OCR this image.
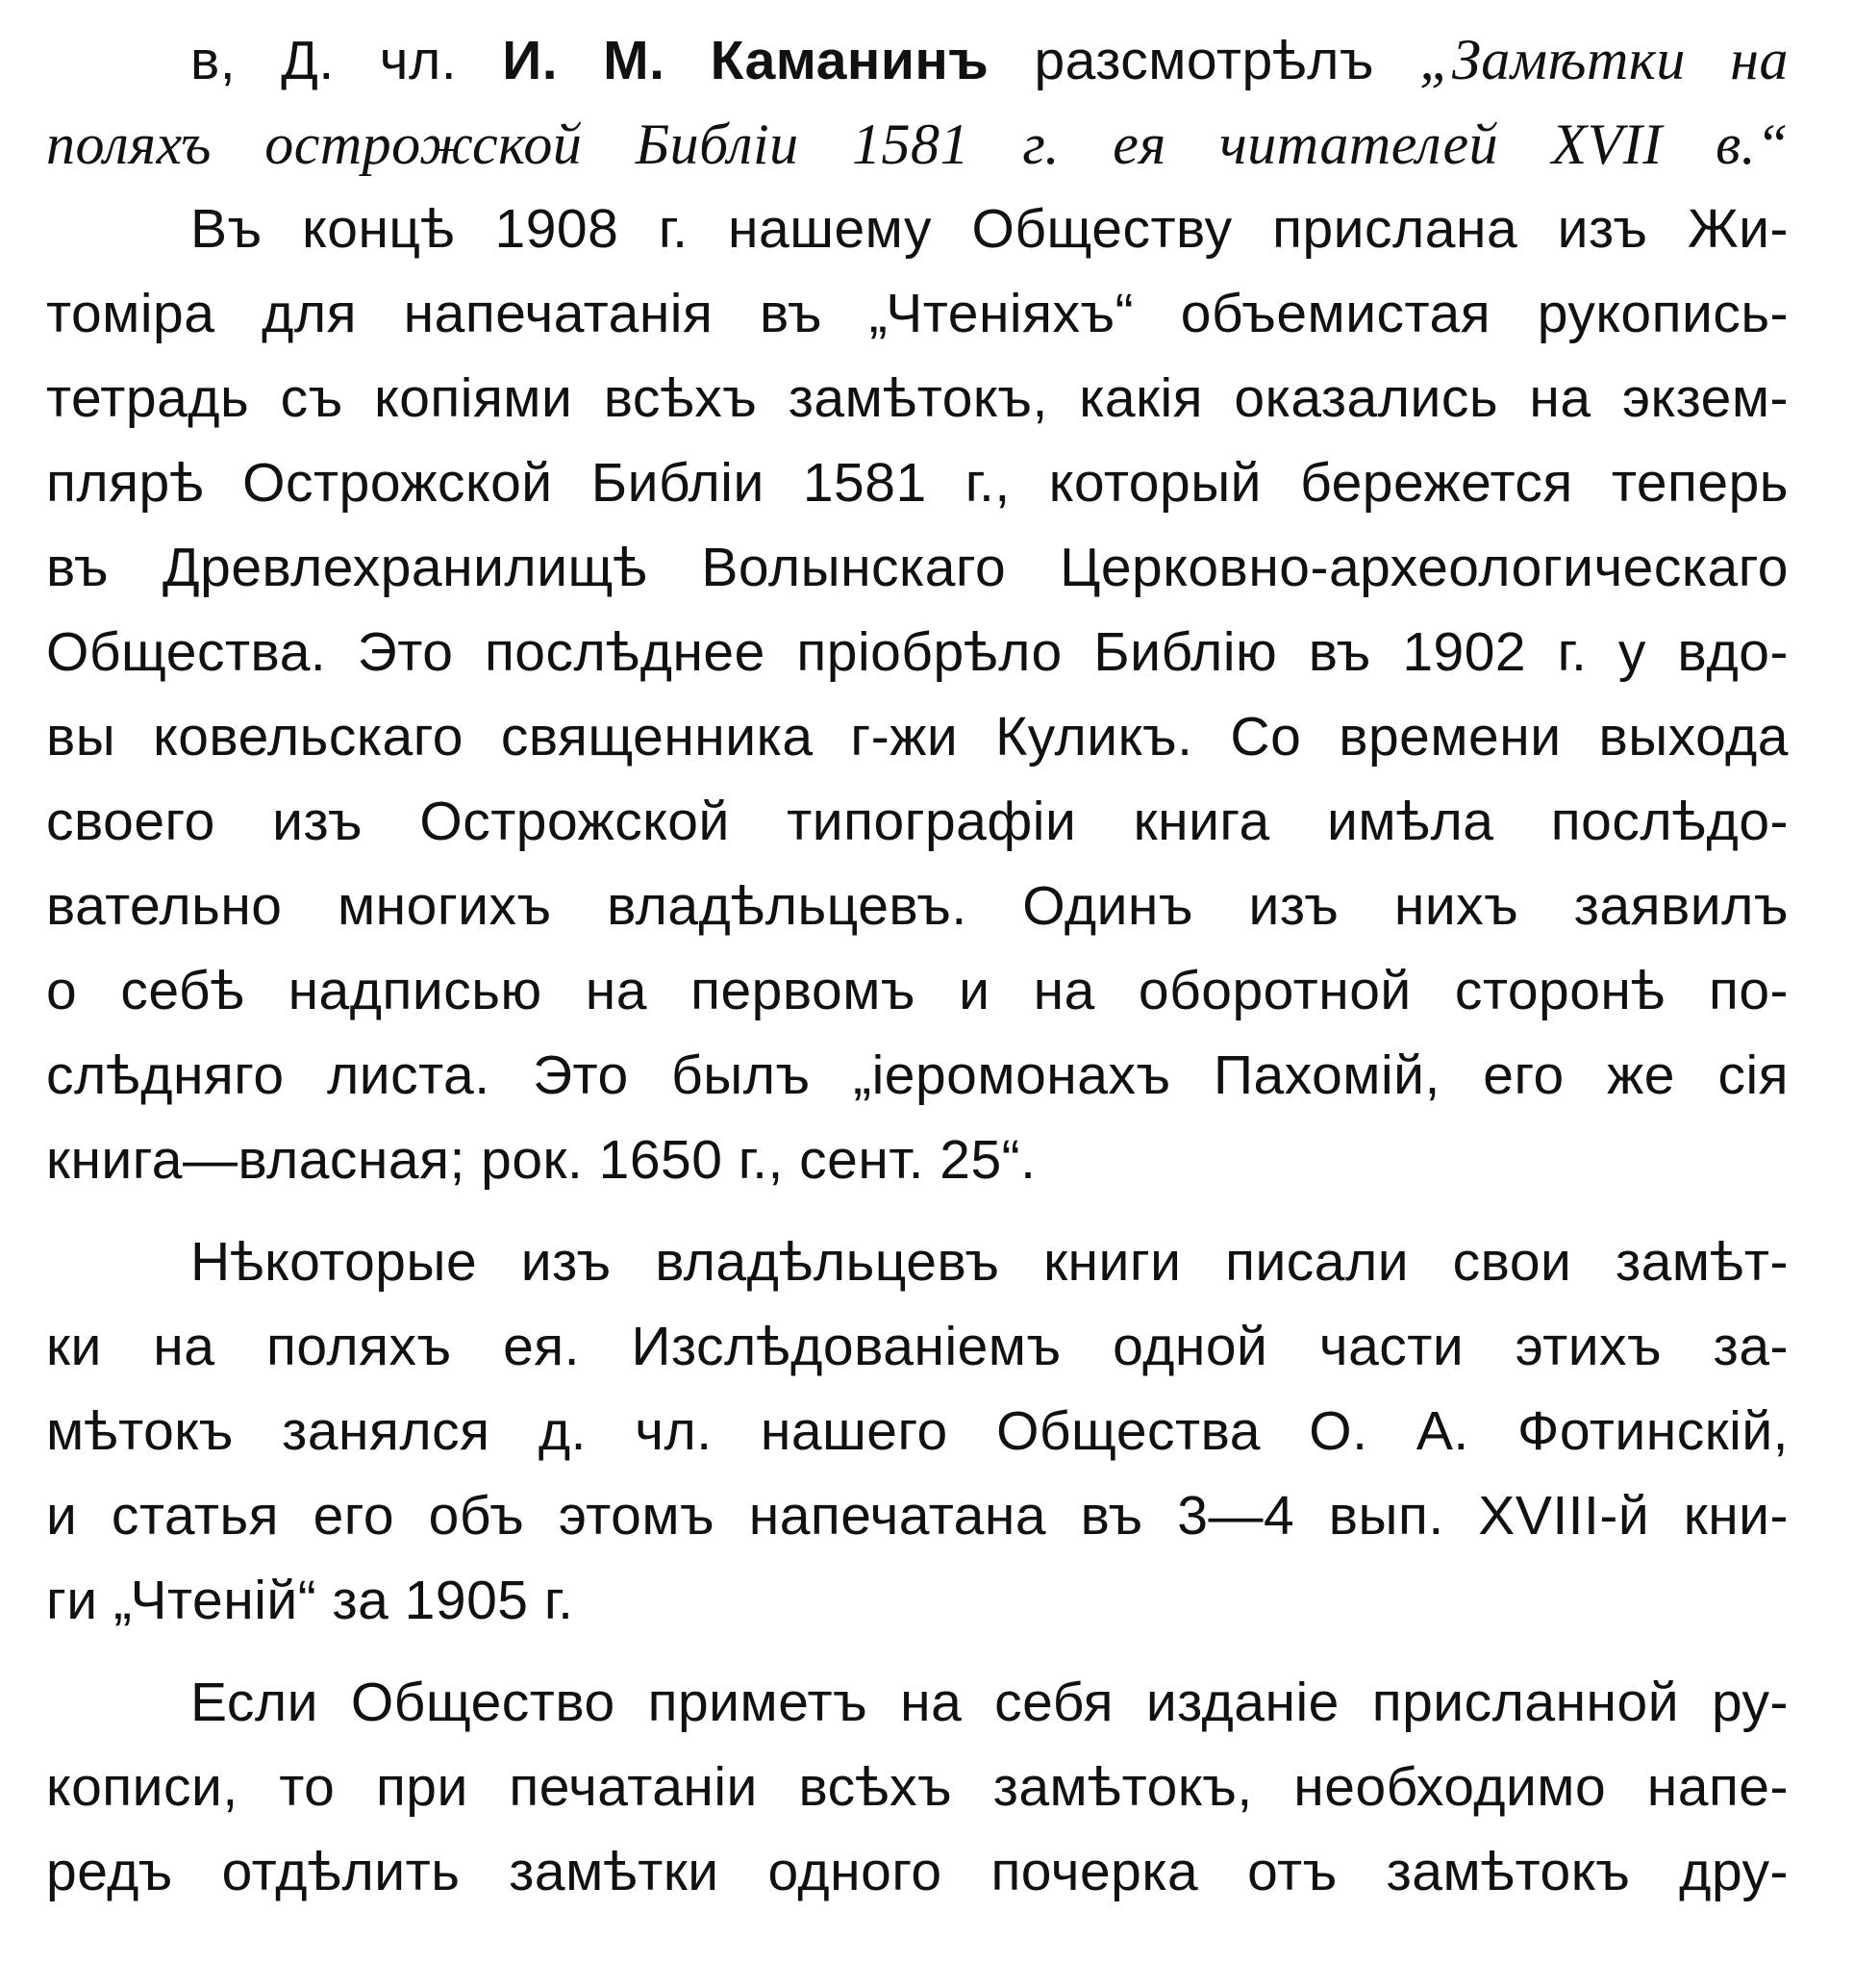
в, Д. чл. И. М. Каманинъ разсмотрѣлъ „Замѣтки на
поляхъ острожской Библіи 1581 г. ея читателей XVII в.“
Въ концѣ 1908 г. нашему Обществу прислана изъ Жи-
томіра для напечатанія въ „Чтеніяхъ“ объемистая рукопись-
тетрадь съ копіями всѣхъ замѣтокъ, какія оказались на экзем-
плярѣ Острожской Библіи 1581 г., который бережется теперь
въ Древлехранилищѣ Волынскаго Церковно-археологическаго
Общества. Это послѣднее пріобрѣло Библію въ 1902 г. у вдо-
вы ковельскаго священника г-жи Куликъ. Со времени выхода
своего изъ Острожской типографіи книга имѣла послѣдо-
вательно многихъ владѣльцевъ. Одинъ изъ нихъ заявилъ
о себѣ надписью на первомъ и на оборотной сторонѣ по-
слѣдняго листа. Это былъ „іеромонахъ Пахомій, его же сія
книга—власная; рок. 1650 г., сент. 25“.
Нѣкоторые изъ владѣльцевъ книги писали свои замѣт-
ки на поляхъ ея. Изслѣдованіемъ одной части этихъ за-
мѣтокъ занялся д. чл. нашего Общества О. А. Фотинскій,
и статья его объ этомъ напечатана въ 3—4 вып. XVIII-й кни-
ги „Чтеній“ за 1905 г.
Если Общество приметъ на себя изданіе присланной ру-
кописи, то при печатаніи всѣхъ замѣтокъ, необходимо напе-
редъ отдѣлить замѣтки одного почерка отъ замѣтокъ дру-
